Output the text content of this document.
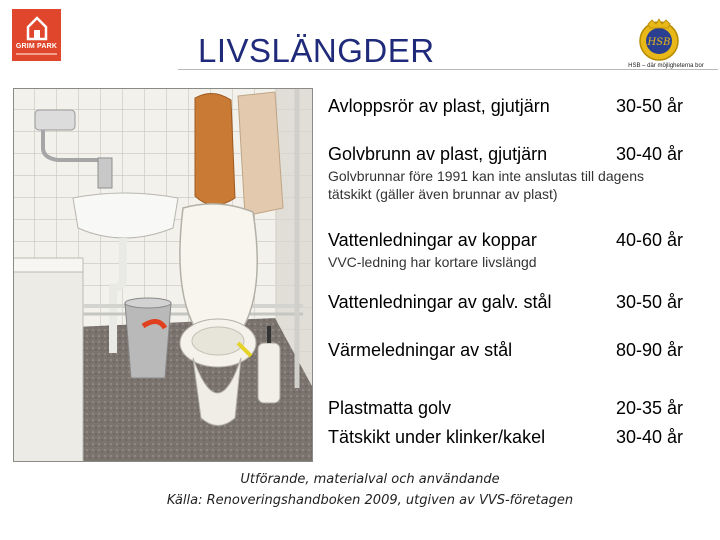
GRIM PARK	LIVSLÄNGDER	HSB
HSB – där möjligheterna bor
Avloppsrör av plast, gjutjärn	30-50 år
Golvbrunn av plast, gjutjärn	30-40 år
Golvbrunnar före 1991 kan inte anslutas till dagens
tätskikt (gäller även brunnar av plast)
Vattenledningar av koppar	40-60 år
VVC-ledning har kortare livslängd
Vattenledningar av galv. stål	30-50 år
Värmeledningar av stål	80-90 år
Plastmatta golv	20-35 år
Tätskikt under klinker/kakel	30-40 år
Utförande, materialval och användande
Källa: Renoveringshandboken 2009, utgiven av VVS-företagen
